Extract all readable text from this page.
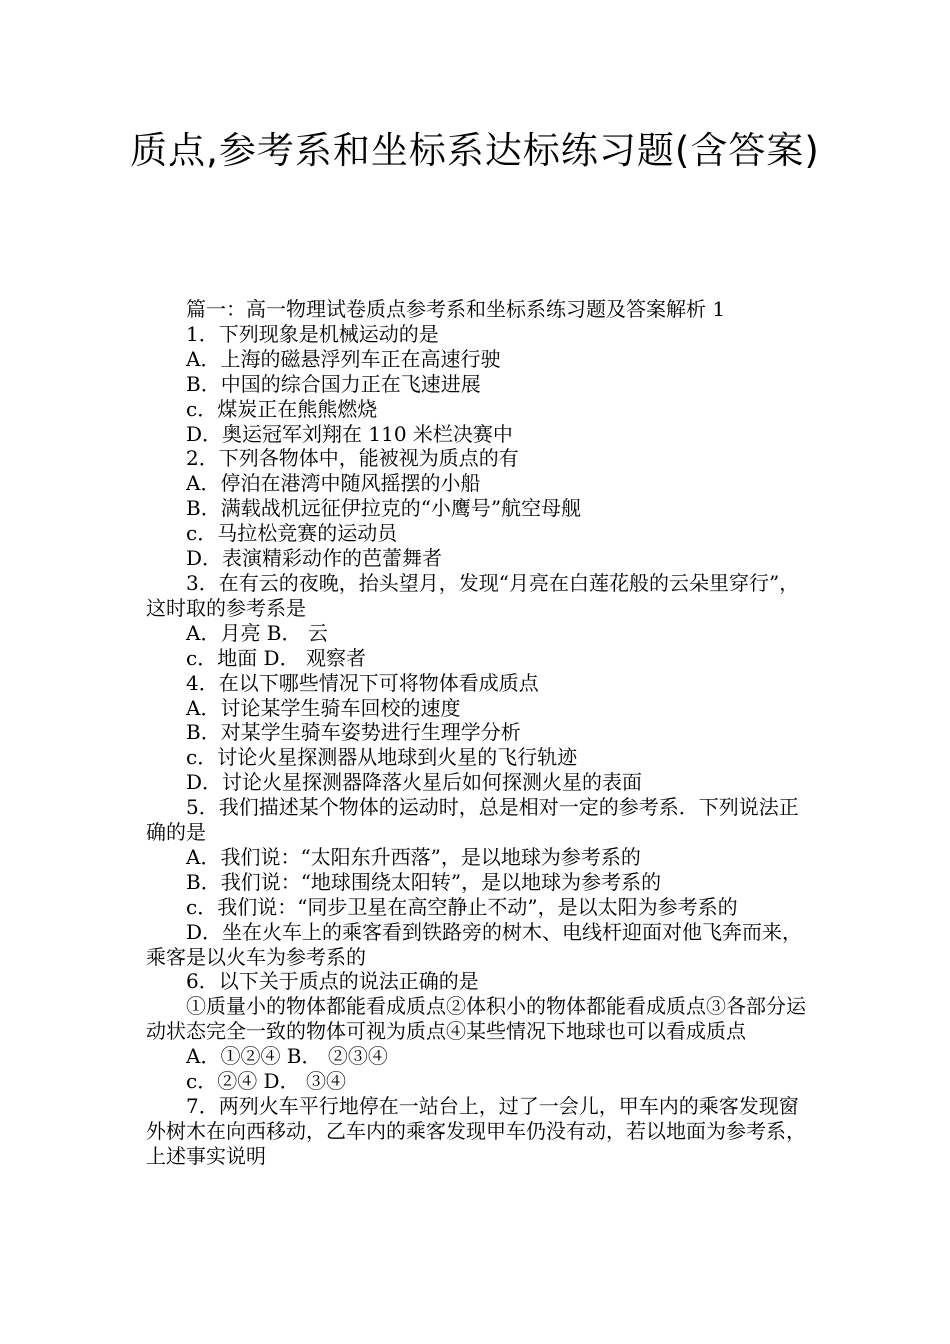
质点,参考系和坐标系达标练习题(含答案)

篇一：高一物理试卷质点参考系和坐标系练习题及答案解析 1

1．下列现象是机械运动的是

A．上海的磁悬浮列车正在高速行驶

B．中国的综合国力正在飞速进展

c．煤炭正在熊熊燃烧

D．奥运冠军刘翔在 110 米栏决赛中

2．下列各物体中，能被视为质点的有

A．停泊在港湾中随风摇摆的小船

B．满载战机远征伊拉克的“小鹰号”航空母舰

c．马拉松竞赛的运动员

D．表演精彩动作的芭蕾舞者

3．在有云的夜晚，抬头望月，发现“月亮在白莲花般的云朵里穿行”，这时取的参考系是

A．月亮 B． 云

c．地面 D． 观察者

4．在以下哪些情况下可将物体看成质点

A．讨论某学生骑车回校的速度

B．对某学生骑车姿势进行生理学分析

c．讨论火星探测器从地球到火星的飞行轨迹

D．讨论火星探测器降落火星后如何探测火星的表面

5．我们描述某个物体的运动时，总是相对一定的参考系．下列说法正确的是

A．我们说：“太阳东升西落”，是以地球为参考系的

B．我们说：“地球围绕太阳转”，是以地球为参考系的

c．我们说：“同步卫星在高空静止不动”，是以太阳为参考系的

D．坐在火车上的乘客看到铁路旁的树木、电线杆迎面对他飞奔而来，乘客是以火车为参考系的

6．以下关于质点的说法正确的是

①质量小的物体都能看成质点②体积小的物体都能看成质点③各部分运动状态完全一致的物体可视为质点④某些情况下地球也可以看成质点

A．①②④ B． ②③④

c．②④ D． ③④

7．两列火车平行地停在一站台上，过了一会儿，甲车内的乘客发现窗外树木在向西移动，乙车内的乘客发现甲车仍没有动，若以地面为参考系，上述事实说明
